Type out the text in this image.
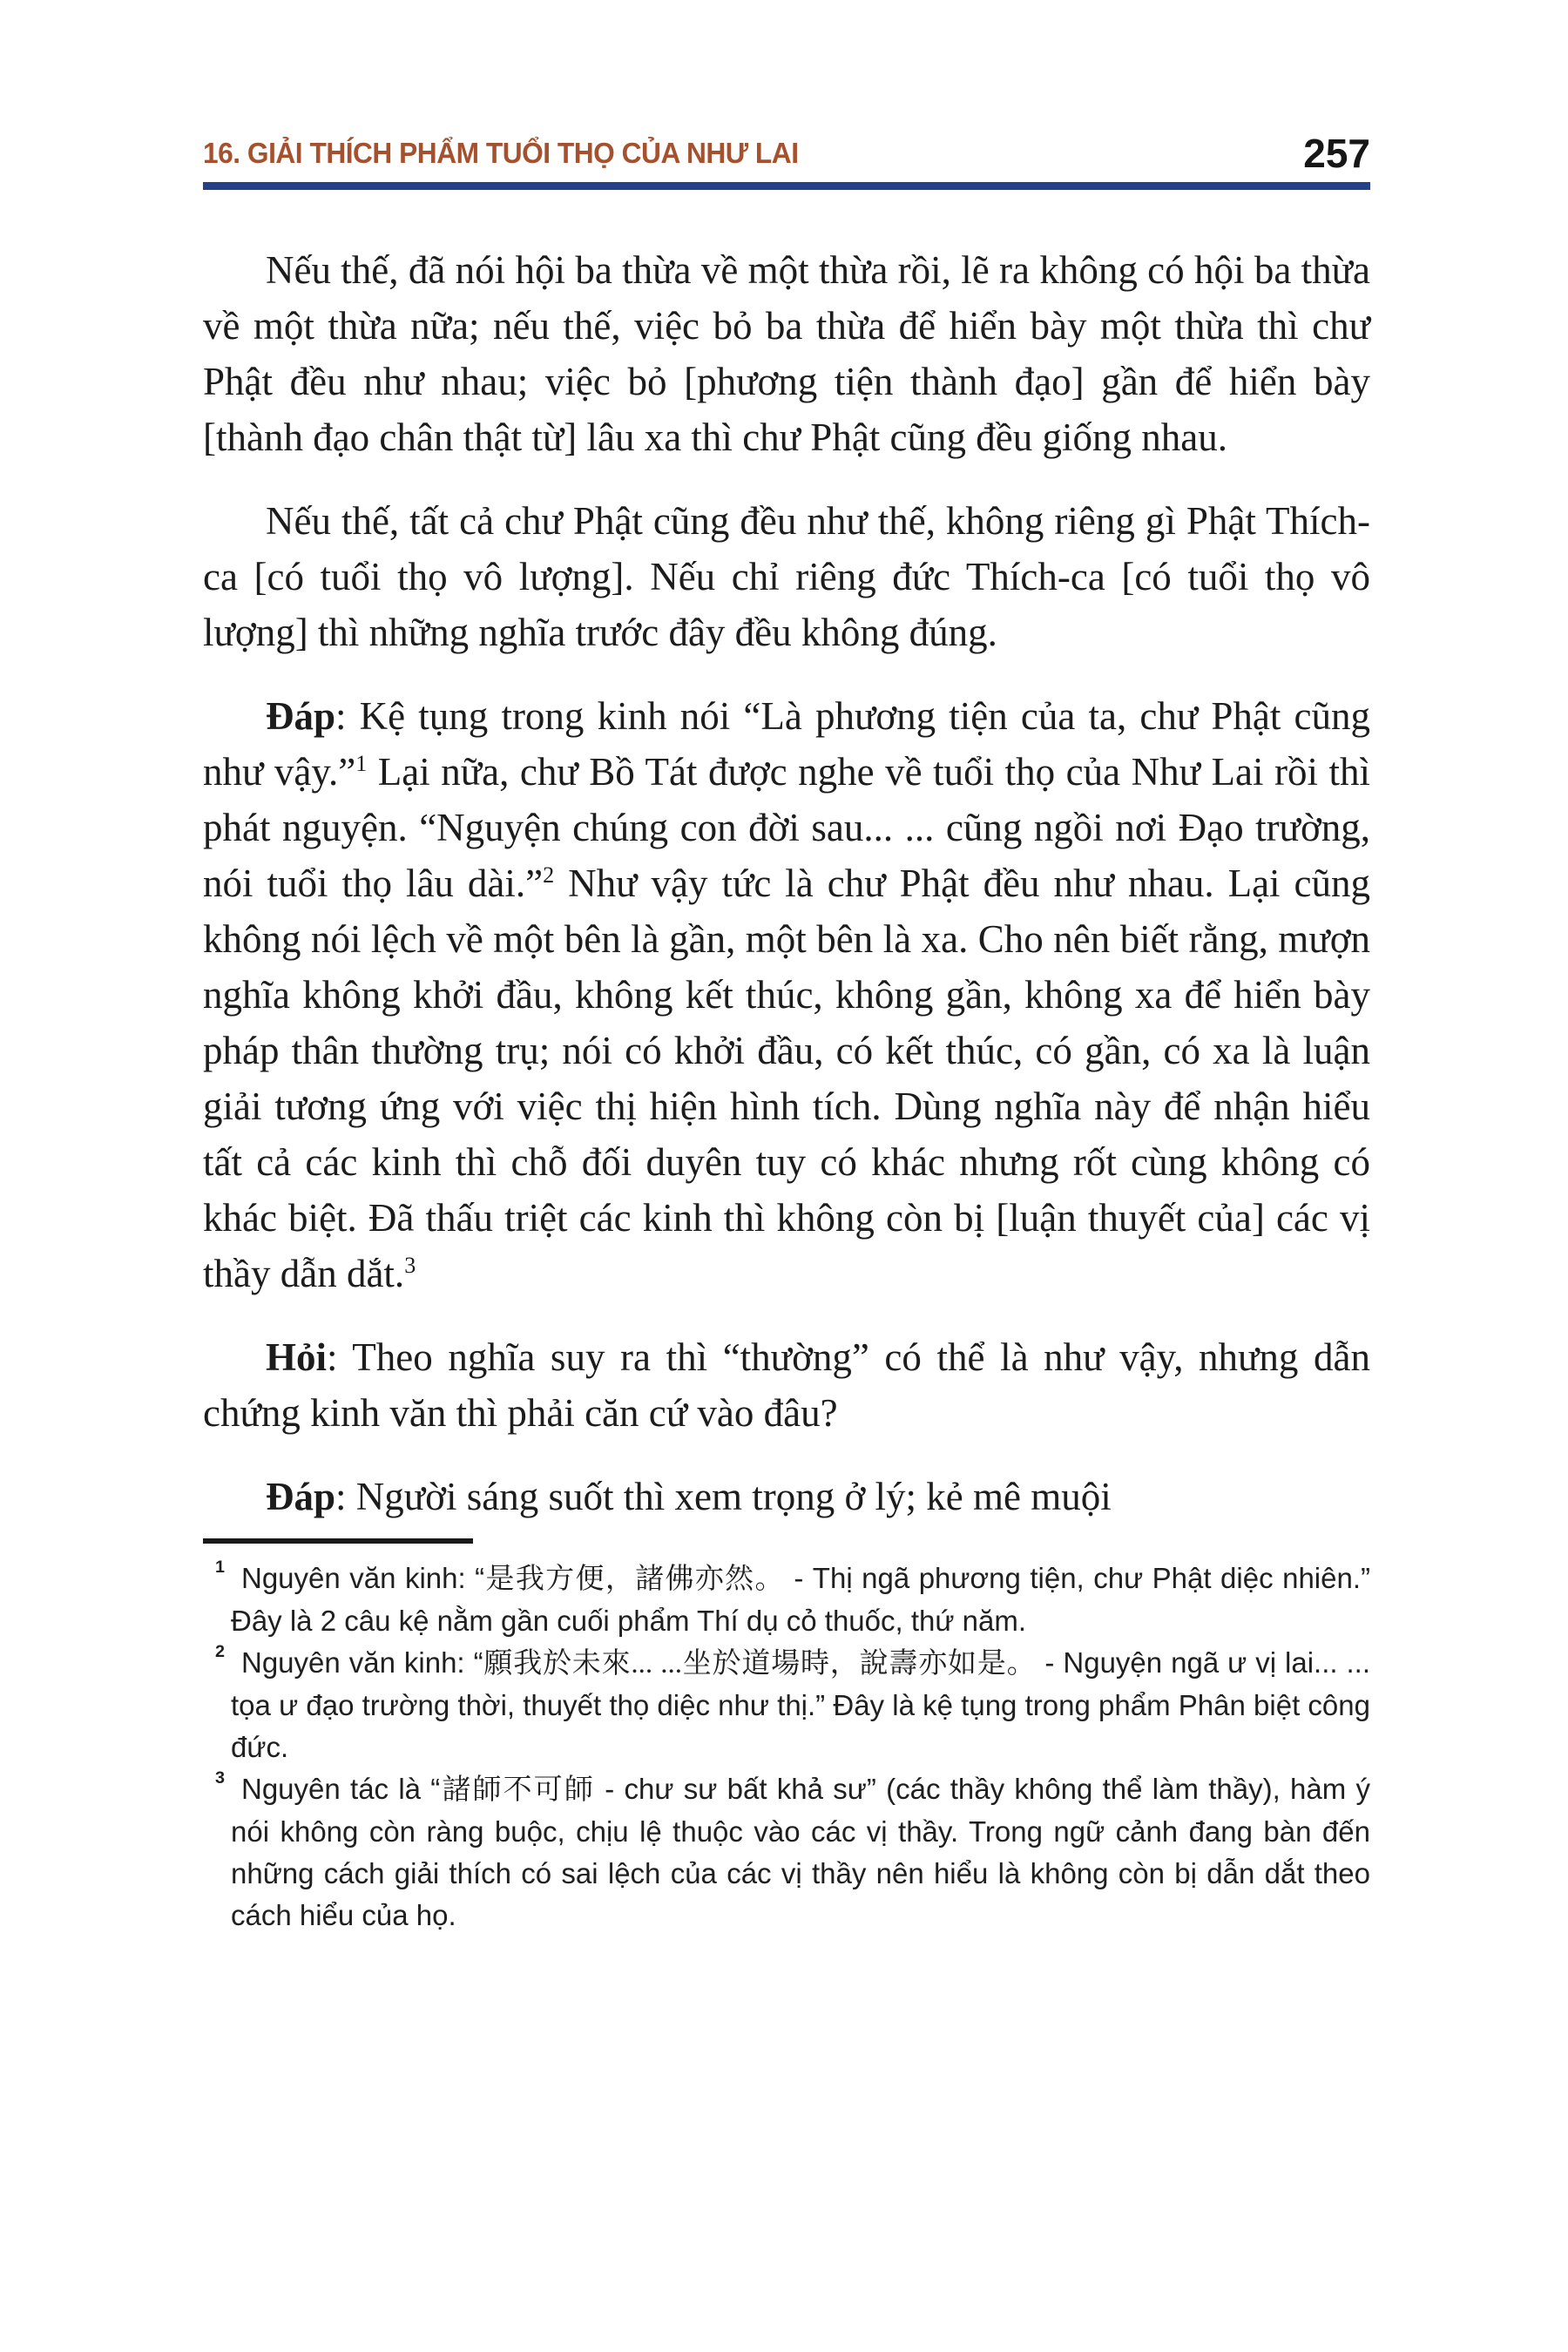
16. GIẢI THÍCH PHẨM TUỔI THỌ CỦA NHƯ LAI	257

Nếu thế, đã nói hội ba thừa về một thừa rồi, lẽ ra không có hội ba thừa về một thừa nữa; nếu thế, việc bỏ ba thừa để hiển bày một thừa thì chư Phật đều như nhau; việc bỏ [phương tiện thành đạo] gần để hiển bày [thành đạo chân thật từ] lâu xa thì chư Phật cũng đều giống nhau.

Nếu thế, tất cả chư Phật cũng đều như thế, không riêng gì Phật Thích-ca [có tuổi thọ vô lượng]. Nếu chỉ riêng đức Thích-ca [có tuổi thọ vô lượng] thì những nghĩa trước đây đều không đúng.

Đáp: Kệ tụng trong kinh nói “Là phương tiện của ta, chư Phật cũng như vậy.”$^1$ Lại nữa, chư Bồ Tát được nghe về tuổi thọ của Như Lai rồi thì phát nguyện. “Nguyện chúng con đời sau... ... cũng ngồi nơi Đạo trường, nói tuổi thọ lâu dài.”$^2$ Như vậy tức là chư Phật đều như nhau. Lại cũng không nói lệch về một bên là gần, một bên là xa. Cho nên biết rằng, mượn nghĩa không khởi đầu, không kết thúc, không gần, không xa để hiển bày pháp thân thường trụ; nói có khởi đầu, có kết thúc, có gần, có xa là luận giải tương ứng với việc thị hiện hình tích. Dùng nghĩa này để nhận hiểu tất cả các kinh thì chỗ đối duyên tuy có khác nhưng rốt cùng không có khác biệt. Đã thấu triệt các kinh thì không còn bị [luận thuyết của] các vị thầy dẫn dắt.$^3$

Hỏi: Theo nghĩa suy ra thì “thường” có thể là như vậy, nhưng dẫn chứng kinh văn thì phải căn cứ vào đâu?

Đáp: Người sáng suốt thì xem trọng ở lý; kẻ mê muội

1 Nguyên văn kinh: “是我方便，諸佛亦然。 - Thị ngã phương tiện, chư Phật diệc nhiên.” Đây là 2 câu kệ nằm gần cuối phẩm Thí dụ cỏ thuốc, thứ năm.
2 Nguyên văn kinh: “願我於未來... ...坐於道場時，說壽亦如是。 - Nguyện ngã ư vị lai... ... tọa ư đạo trường thời, thuyết thọ diệc như thị.” Đây là kệ tụng trong phẩm Phân biệt công đức.
3 Nguyên tác là “諸師不可師 - chư sư bất khả sư” (các thầy không thể làm thầy), hàm ý nói không còn ràng buộc, chịu lệ thuộc vào các vị thầy. Trong ngữ cảnh đang bàn đến những cách giải thích có sai lệch của các vị thầy nên hiểu là không còn bị dẫn dắt theo cách hiểu của họ.
